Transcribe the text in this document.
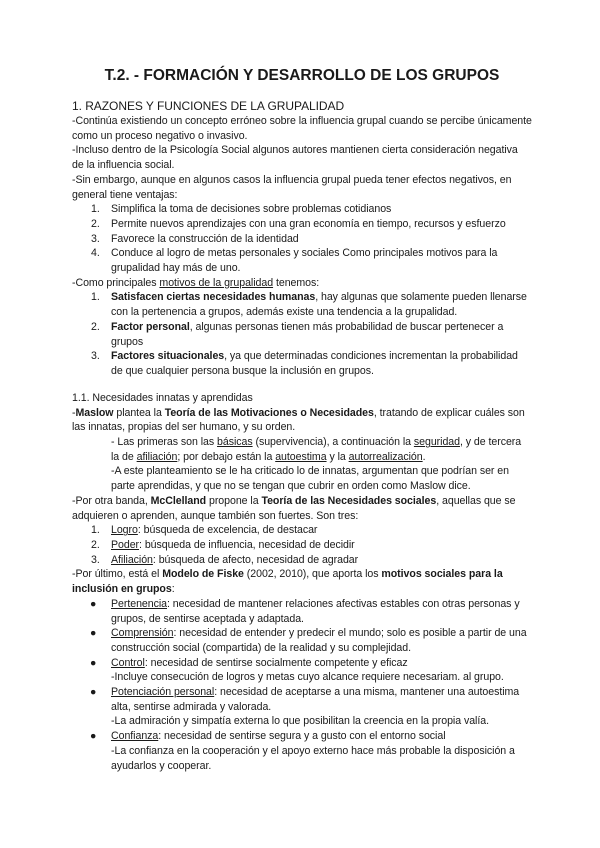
T.2. - FORMACIÓN Y DESARROLLO DE LOS GRUPOS
1. RAZONES Y FUNCIONES DE LA GRUPALIDAD

-Continúa existiendo un concepto erróneo sobre la influencia grupal cuando se percibe únicamente como un proceso negativo o invasivo.

-Incluso dentro de la Psicología Social algunos autores mantienen cierta consideración negativa de la influencia social.

-Sin embargo, aunque en algunos casos la influencia grupal pueda tener efectos negativos, en general tiene ventajas:

1. Simplifica la toma de decisiones sobre problemas cotidianos
2. Permite nuevos aprendizajes con una gran economía en tiempo, recursos y esfuerzo
3. Favorece la construcción de la identidad
4. Conduce al logro de metas personales y sociales Como principales motivos para la grupalidad hay más de uno.

-Como principales motivos de la grupalidad tenemos:

1. Satisfacen ciertas necesidades humanas, hay algunas que solamente pueden llenarse con la pertenencia a grupos, además existe una tendencia a la grupalidad.
2. Factor personal, algunas personas tienen más probabilidad de buscar pertenecer a grupos
3. Factores situacionales, ya que determinadas condiciones incrementan la probabilidad de que cualquier persona busque la inclusión en grupos.
1.1. Necesidades innatas y aprendidas

-Maslow plantea la Teoría de las Motivaciones o Necesidades, tratando de explicar cuáles son las innatas, propias del ser humano, y su orden.

- Las primeras son las básicas (supervivencia), a continuación la seguridad, y de tercera la de afiliación; por debajo están la autoestima y la autorrealización.

-A este planteamiento se le ha criticado lo de innatas, argumentan que podrían ser en parte aprendidas, y que no se tengan que cubrir en orden como Maslow dice.

-Por otra banda, McClelland propone la Teoría de las Necesidades sociales, aquellas que se adquieren o aprenden, aunque también son fuertes. Son tres:

1. Logro: búsqueda de excelencia, de destacar
2. Poder: búsqueda de influencia, necesidad de decidir
3. Afiliación: búsqueda de afecto, necesidad de agradar

-Por último, está el Modelo de Fiske (2002, 2010), que aporta los motivos sociales para la inclusión en grupos:

● Pertenencia: necesidad de mantener relaciones afectivas estables con otras personas y grupos, de sentirse aceptada y adaptada.
● Comprensión: necesidad de entender y predecir el mundo; solo es posible a partir de una construcción social (compartida) de la realidad y su complejidad.
● Control: necesidad de sentirse socialmente competente y eficaz
-Incluye consecución de logros y metas cuyo alcance requiere necesariam. al grupo.
● Potenciación personal: necesidad de aceptarse a una misma, mantener una autoestima alta, sentirse admirada y valorada.
-La admiración y simpatía externa lo que posibilitan la creencia en la propia valía.
● Confianza: necesidad de sentirse segura y a gusto con el entorno social
-La confianza en la cooperación y el apoyo externo hace más probable la disposición a ayudarlos y cooperar.
